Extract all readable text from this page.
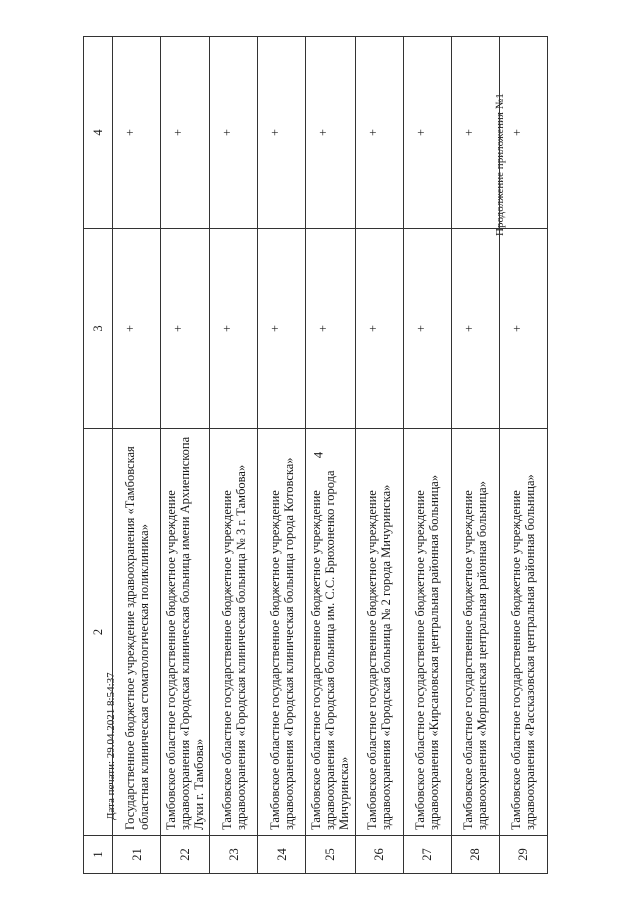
4
Дата печати: 29.04.2021 8:54:37
Продолжение приложения №1
1	2	3	4
21	Государственное бюджетное учреждение здравоохранения «Тамбовская областная клиническая стоматологическая поликлиника»	+	+
22	Тамбовское областное государственное бюджетное учреждение здравоохранения «Городская клиническая больница имени Архиепископа Луки г. Тамбова»	+	+
23	Тамбовское областное государственное бюджетное учреждение здравоохранения «Городская клиническая больница № 3 г. Тамбова»	+	+
24	Тамбовское областное государственное бюджетное учреждение здравоохранения «Городская клиническая больница города Котовска»	+	+
25	Тамбовское областное государственное бюджетное учреждение здравоохранения «Городская больница им. С.С. Брюхоненко города Мичуринска»	+	+
26	Тамбовское областное государственное бюджетное учреждение здравоохранения «Городская больница № 2 города Мичуринска»	+	+
27	Тамбовское областное государственное бюджетное учреждение здравоохранения «Кирсановская центральная районная больница»	+	+
28	Тамбовское областное государственное бюджетное учреждение здравоохранения «Моршанская центральная районная больница»	+	+
29	Тамбовское областное государственное бюджетное учреждение здравоохранения «Рассказовская центральная районная больница»	+	+
